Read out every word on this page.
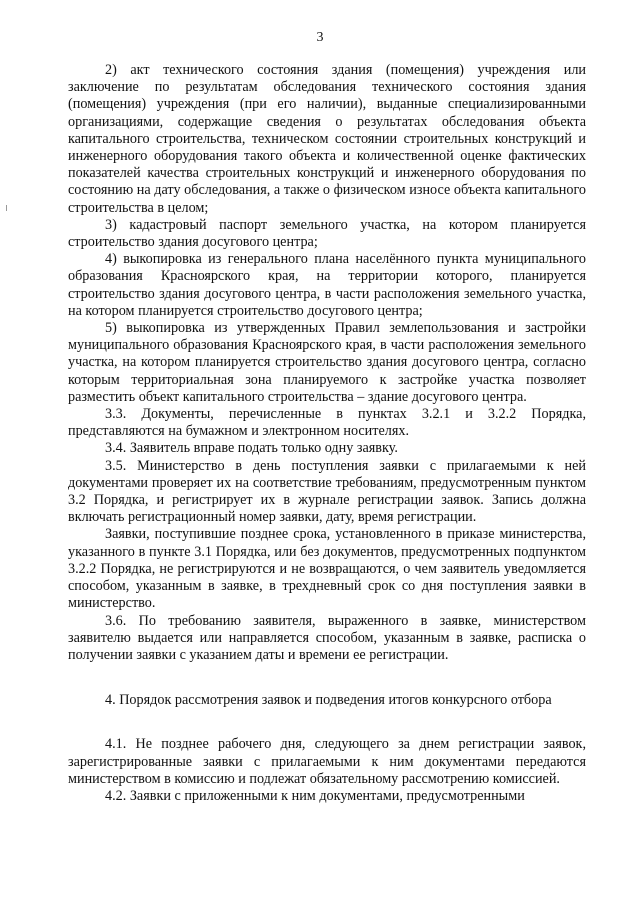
3

2) акт технического состояния здания (помещения) учреждения или заключение по результатам обследования технического состояния здания (помещения) учреждения (при его наличии), выданные специализированными организациями, содержащие сведения о результатах обследования объекта капитального строительства, техническом состоянии строительных конструкций и инженерного оборудования такого объекта и количественной оценке фактических показателей качества строительных конструкций и инженерного оборудования по состоянию на дату обследования, а также о физическом износе объекта капитального строительства в целом;

3) кадастровый паспорт земельного участка, на котором планируется строительство здания досугового центра;

4) выкопировка из генерального плана населённого пункта муниципального образования Красноярского края, на территории которого, планируется строительство здания досугового центра, в части расположения земельного участка, на котором планируется строительство досугового центра;

5) выкопировка из утвержденных Правил землепользования и застройки муниципального образования Красноярского края, в части расположения земельного участка, на котором планируется строительство здания досугового центра, согласно которым территориальная зона планируемого к застройке участка позволяет разместить объект капитального строительства – здание досугового центра.

3.3. Документы, перечисленные в пунктах 3.2.1 и 3.2.2 Порядка, представляются на бумажном и электронном носителях.

3.4. Заявитель вправе подать только одну заявку.

3.5. Министерство в день поступления заявки с прилагаемыми к ней документами проверяет их на соответствие требованиям, предусмотренным пунктом 3.2 Порядка, и регистрирует их в журнале регистрации заявок. Запись должна включать регистрационный номер заявки, дату, время регистрации.

Заявки, поступившие позднее срока, установленного в приказе министерства, указанного в пункте 3.1 Порядка, или без документов, предусмотренных подпунктом 3.2.2 Порядка, не регистрируются и не возвращаются, о чем заявитель уведомляется способом, указанным в заявке, в трехдневный срок со дня поступления заявки в министерство.

3.6. По требованию заявителя, выраженного в заявке, министерством заявителю выдается или направляется способом, указанным в заявке, расписка о получении заявки с указанием даты и времени ее регистрации.

4. Порядок рассмотрения заявок и подведения итогов конкурсного отбора

4.1. Не позднее рабочего дня, следующего за днем регистрации заявок, зарегистрированные заявки с прилагаемыми к ним документами передаются министерством в комиссию и подлежат обязательному рассмотрению комиссией.

4.2. Заявки с приложенными к ним документами, предусмотренными
